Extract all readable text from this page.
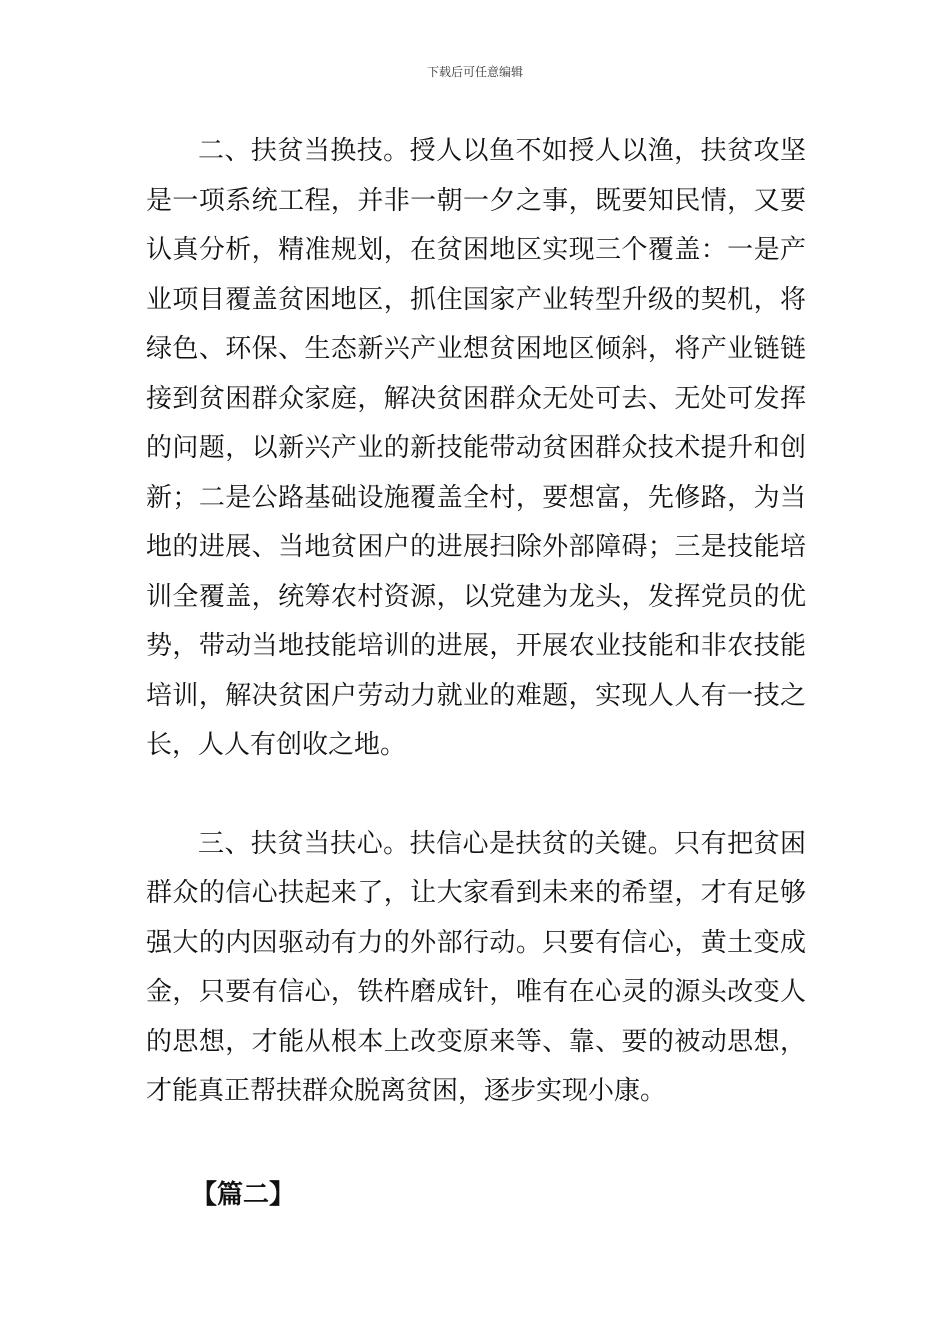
下载后可任意编辑

二、扶贫当换技。授人以鱼不如授人以渔，扶贫攻坚是一项系统工程，并非一朝一夕之事，既要知民情，又要认真分析，精准规划，在贫困地区实现三个覆盖：一是产业项目覆盖贫困地区，抓住国家产业转型升级的契机，将绿色、环保、生态新兴产业想贫困地区倾斜，将产业链链接到贫困群众家庭，解决贫困群众无处可去、无处可发挥的问题，以新兴产业的新技能带动贫困群众技术提升和创新；二是公路基础设施覆盖全村，要想富，先修路，为当地的进展、当地贫困户的进展扫除外部障碍；三是技能培训全覆盖，统筹农村资源，以党建为龙头，发挥党员的优势，带动当地技能培训的进展，开展农业技能和非农技能培训，解决贫困户劳动力就业的难题，实现人人有一技之长，人人有创收之地。

三、扶贫当扶心。扶信心是扶贫的关键。只有把贫困群众的信心扶起来了，让大家看到未来的希望，才有足够强大的内因驱动有力的外部行动。只要有信心，黄土变成金，只要有信心，铁杵磨成针，唯有在心灵的源头改变人的思想，才能从根本上改变原来等、靠、要的被动思想，才能真正帮扶群众脱离贫困，逐步实现小康。

【篇二】
